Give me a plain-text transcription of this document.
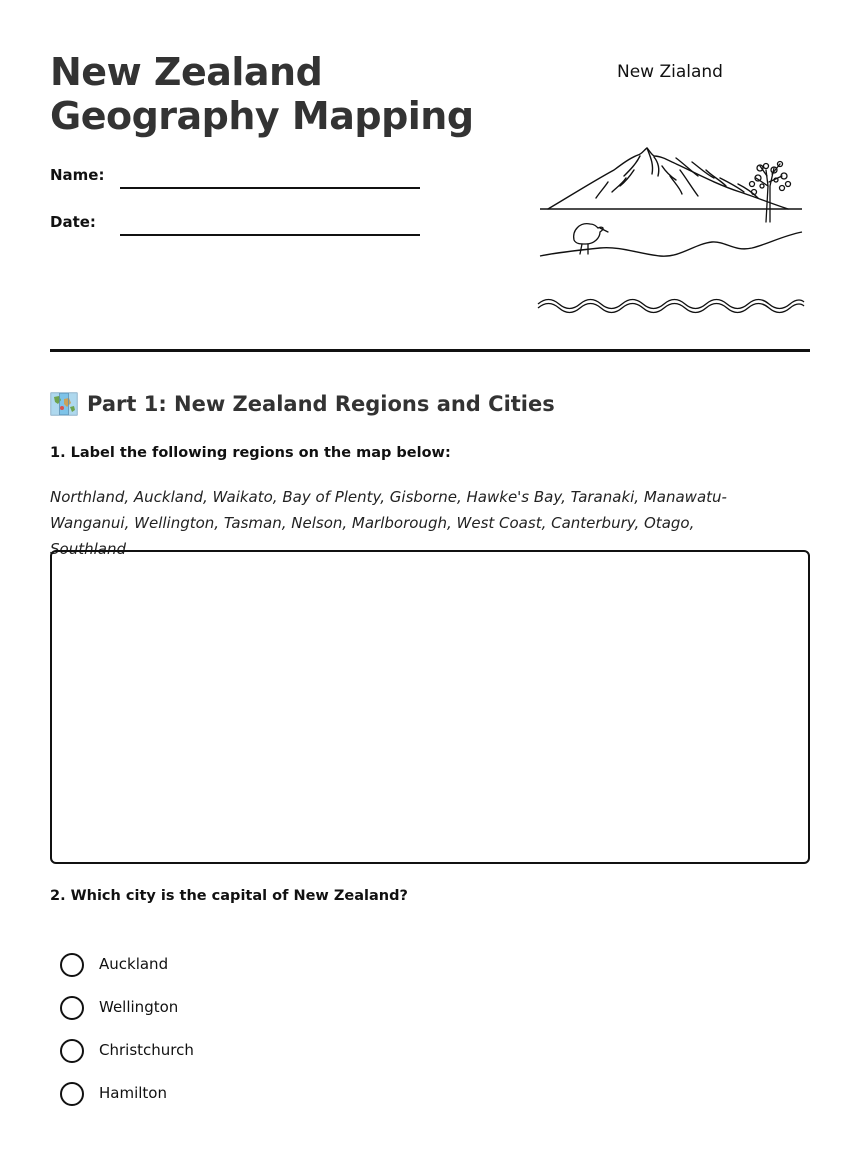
New Zealand
Geography Mapping
Name:
Date:
New Zialand
Part 1: New Zealand Regions and Cities
1. Label the following regions on the map below:
Northland, Auckland, Waikato, Bay of Plenty, Gisborne, Hawke's Bay, Taranaki, Manawatu-Wanganui, Wellington, Tasman, Nelson, Marlborough, West Coast, Canterbury, Otago, Southland
2. Which city is the capital of New Zealand?
Auckland
Wellington
Christchurch
Hamilton
